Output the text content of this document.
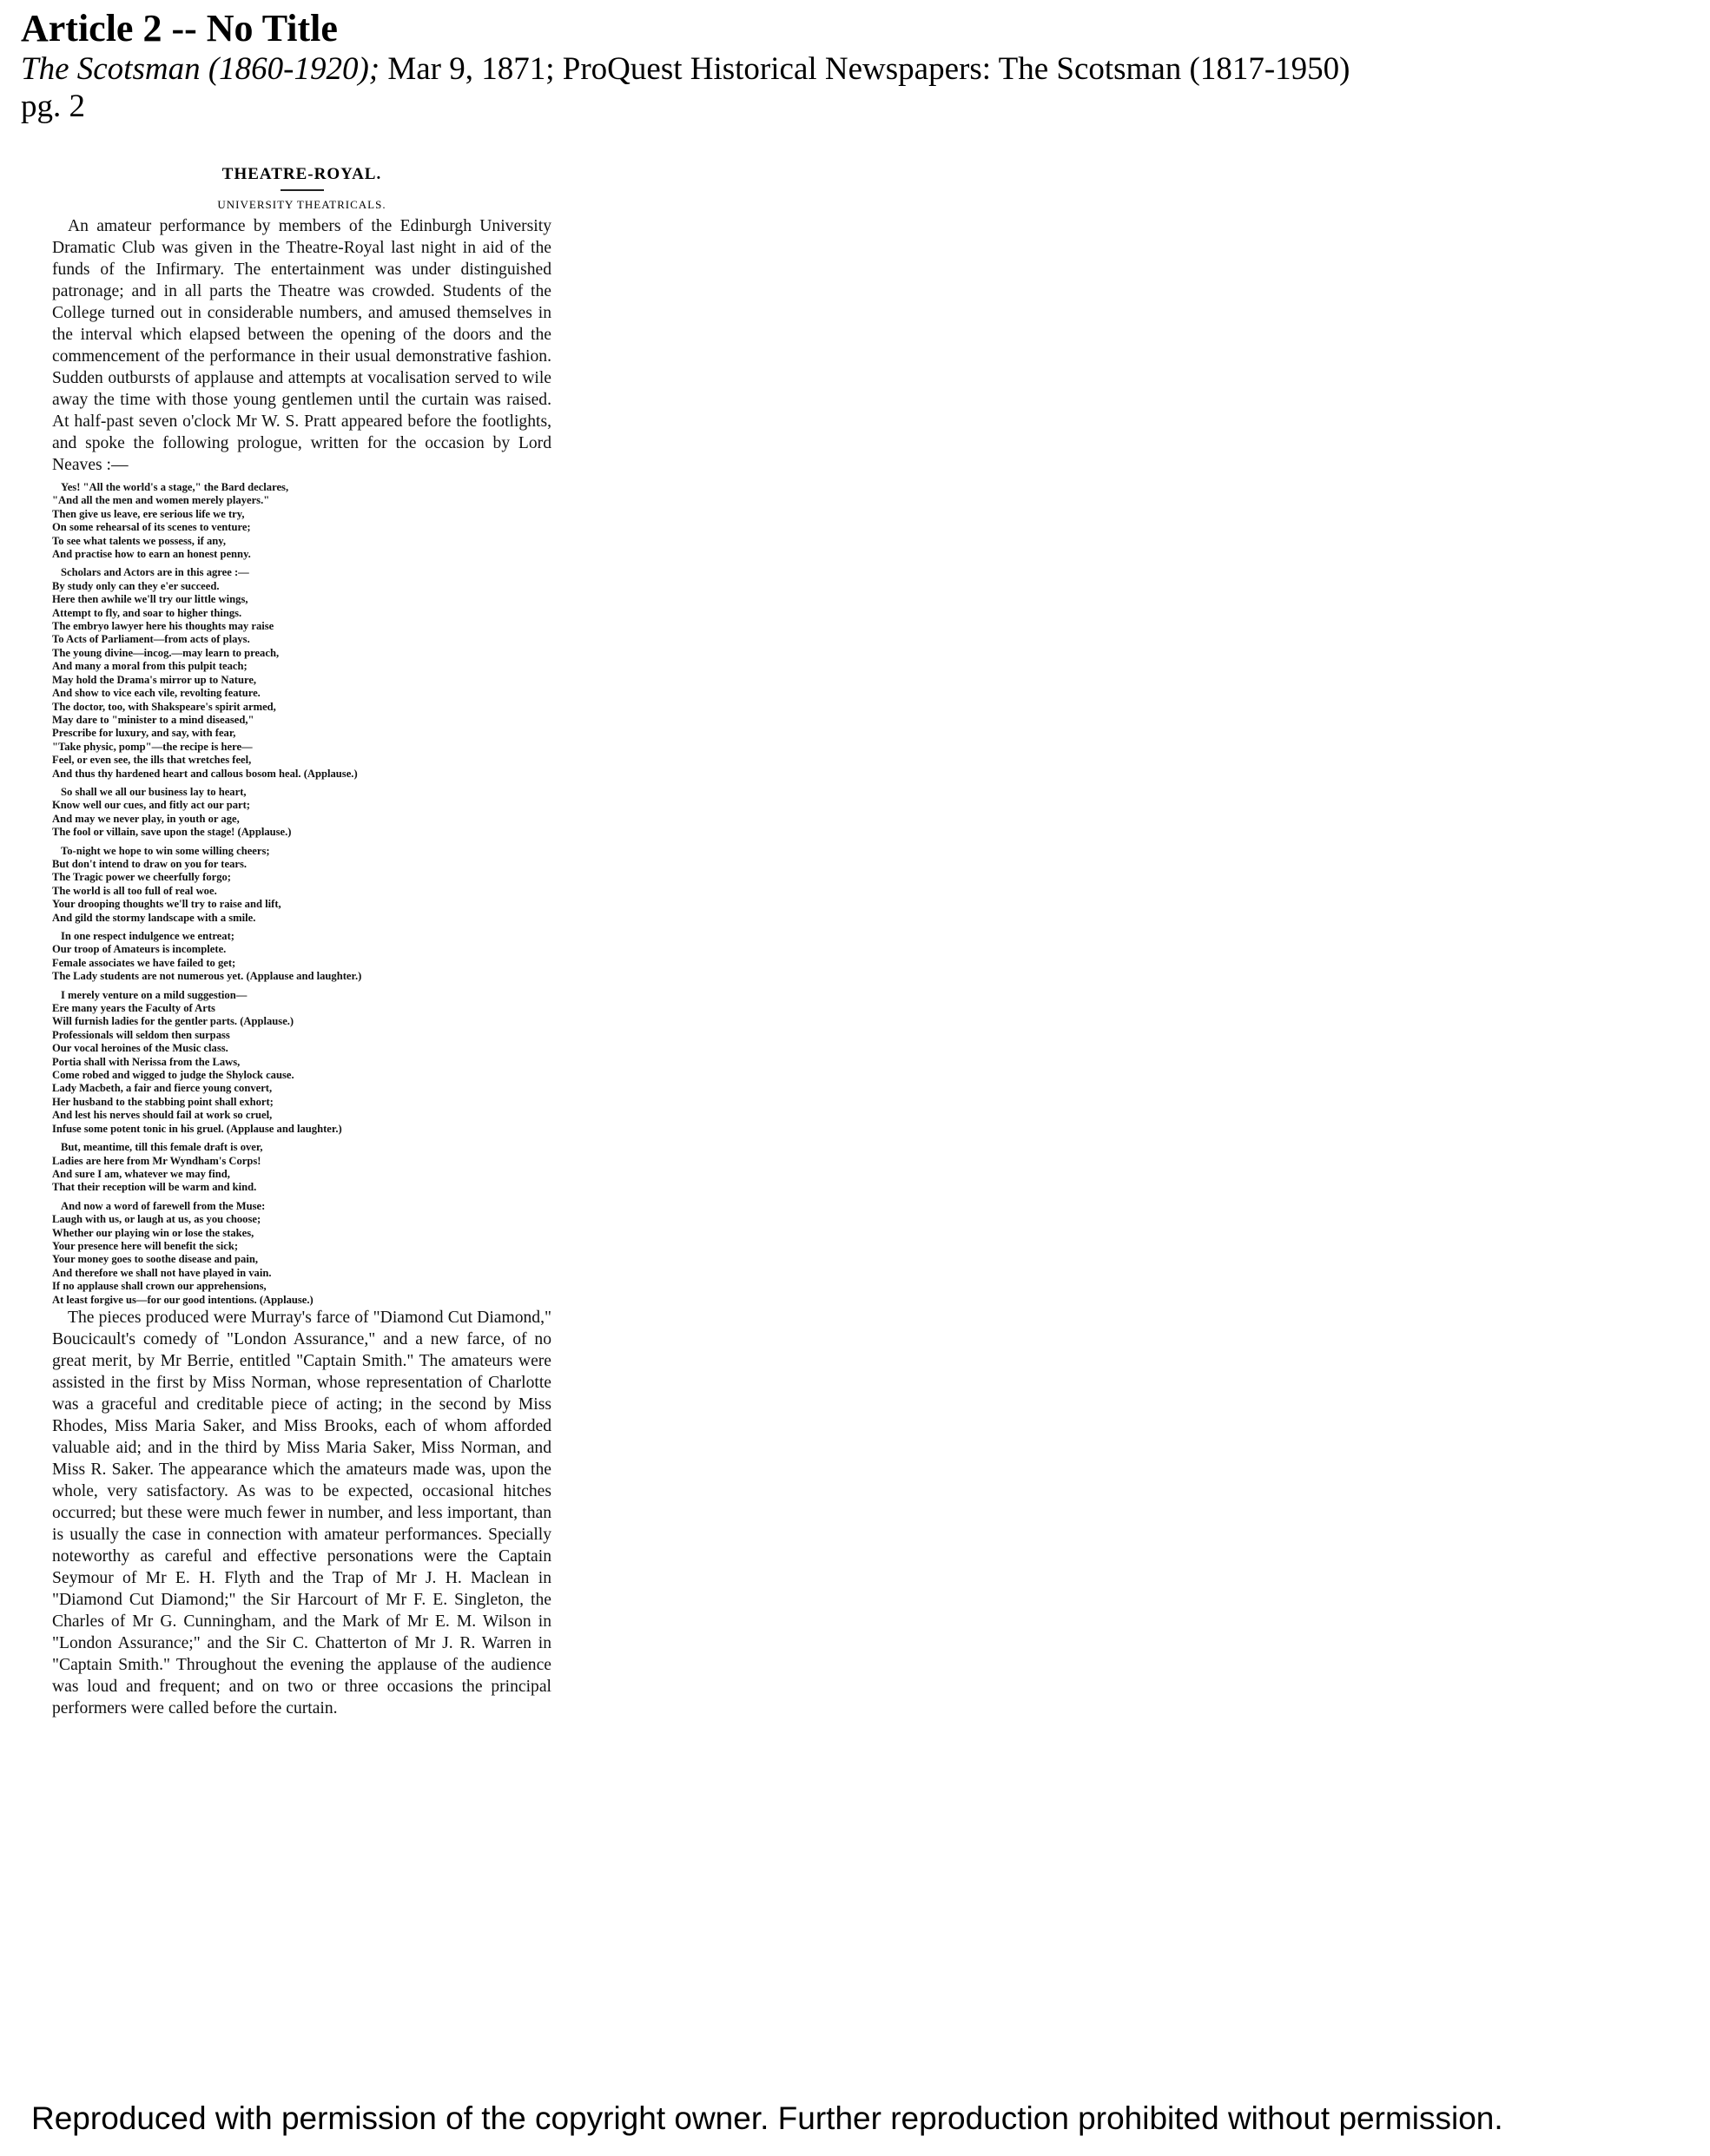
Article 2 -- No Title

The Scotsman (1860-1920); Mar 9, 1871; ProQuest Historical Newspapers: The Scotsman (1817-1950)

pg. 2

THEATRE-ROYAL.

UNIVERSITY THEATRICALS.

An amateur performance by members of the Edinburgh University Dramatic Club was given in the Theatre-Royal last night in aid of the funds of the Infirmary. The entertainment was under distinguished patronage; and in all parts the Theatre was crowded. Students of the College turned out in considerable numbers, and amused themselves in the interval which elapsed between the opening of the doors and the commencement of the performance in their usual demonstrative fashion. Sudden outbursts of applause and attempts at vocalisation served to wile away the time with those young gentlemen until the curtain was raised. At half-past seven o'clock Mr W. S. Pratt appeared before the footlights, and spoke the following prologue, written for the occasion by Lord Neaves :—

Yes! "All the world's a stage," the Bard declares,
"And all the men and women merely players."
Then give us leave, ere serious life we try,
On some rehearsal of its scenes to venture;
To see what talents we possess, if any,
And practise how to earn an honest penny.
Scholars and Actors are in this agree :—
By study only can they e'er succeed.
Here then awhile we'll try our little wings,
Attempt to fly, and soar to higher things.
The embryo lawyer here his thoughts may raise
To Acts of Parliament—from acts of plays.
The young divine—incog.—may learn to preach,
And many a moral from this pulpit teach;
May hold the Drama's mirror up to Nature,
And show to vice each vile, revolting feature.
The doctor, too, with Shakspeare's spirit armed,
May dare to "minister to a mind diseased,"
Prescribe for luxury, and say, with fear,
"Take physic, pomp"—the recipe is here—
Feel, or even see, the ills that wretches feel,
And thus thy hardened heart and callous bosom heal. (Applause.)
So shall we all our business lay to heart,
Know well our cues, and fitly act our part;
And may we never play, in youth or age,
The fool or villain, save upon the stage! (Applause.)
To-night we hope to win some willing cheers;
But don't intend to draw on you for tears.
The Tragic power we cheerfully forgo;
The world is all too full of real woe.
Your drooping thoughts we'll try to raise and lift,
And gild the stormy landscape with a smile.
In one respect indulgence we entreat;
Our troop of Amateurs is incomplete.
Female associates we have failed to get;
The Lady students are not numerous yet. (Applause and laughter.)
I merely venture on a mild suggestion—
Ere many years the Faculty of Arts
Will furnish ladies for the gentler parts. (Applause.)
Professionals will seldom then surpass
Our vocal heroines of the Music class.
Portia shall with Nerissa from the Laws,
Come robed and wigged to judge the Shylock cause.
Lady Macbeth, a fair and fierce young convert,
Her husband to the stabbing point shall exhort;
And lest his nerves should fail at work so cruel,
Infuse some potent tonic in his gruel. (Applause and laughter.)
But, meantime, till this female draft is over,
Ladies are here from Mr Wyndham's Corps!
And sure I am, whatever we may find,
That their reception will be warm and kind.
And now a word of farewell from the Muse:
Laugh with us, or laugh at us, as you choose;
Whether our playing win or lose the stakes,
Your presence here will benefit the sick;
Your money goes to soothe disease and pain,
And therefore we shall not have played in vain.
If no applause shall crown our apprehensions,
At least forgive us—for our good intentions. (Applause.)

The pieces produced were Murray's farce of "Diamond Cut Diamond," Boucicault's comedy of "London Assurance," and a new farce, of no great merit, by Mr Berrie, entitled "Captain Smith." The amateurs were assisted in the first by Miss Norman, whose representation of Charlotte was a graceful and creditable piece of acting; in the second by Miss Rhodes, Miss Maria Saker, and Miss Brooks, each of whom afforded valuable aid; and in the third by Miss Maria Saker, Miss Norman, and Miss R. Saker. The appearance which the amateurs made was, upon the whole, very satisfactory. As was to be expected, occasional hitches occurred; but these were much fewer in number, and less important, than is usually the case in connection with amateur performances. Specially noteworthy as careful and effective personations were the Captain Seymour of Mr E. H. Flyth and the Trap of Mr J. H. Maclean in "Diamond Cut Diamond;" the Sir Harcourt of Mr F. E. Singleton, the Charles of Mr G. Cunningham, and the Mark of Mr E. M. Wilson in "London Assurance;" and the Sir C. Chatterton of Mr J. R. Warren in "Captain Smith." Throughout the evening the applause of the audience was loud and frequent; and on two or three occasions the principal performers were called before the curtain.

Reproduced with permission of the copyright owner. Further reproduction prohibited without permission.
